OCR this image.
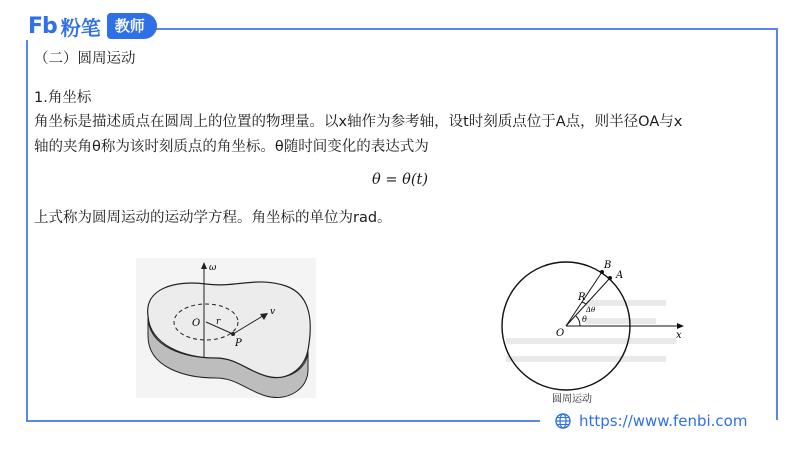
Fb 粉笔 教师
（二）圆周运动
1.角坐标
角坐标是描述质点在圆周上的位置的物理量。以x轴作为参考轴，设t时刻质点位于A点，则半径OA与x
轴的夹角θ称为该时刻质点的角坐标。θ随时间变化的表达式为
θ = θ(t)
上式称为圆周运动的运动学方程。角坐标的单位为rad。
ω
O r
P
v
B
A
R
Δθ
θ
O	x
圆周运动
https://www.fenbi.com
